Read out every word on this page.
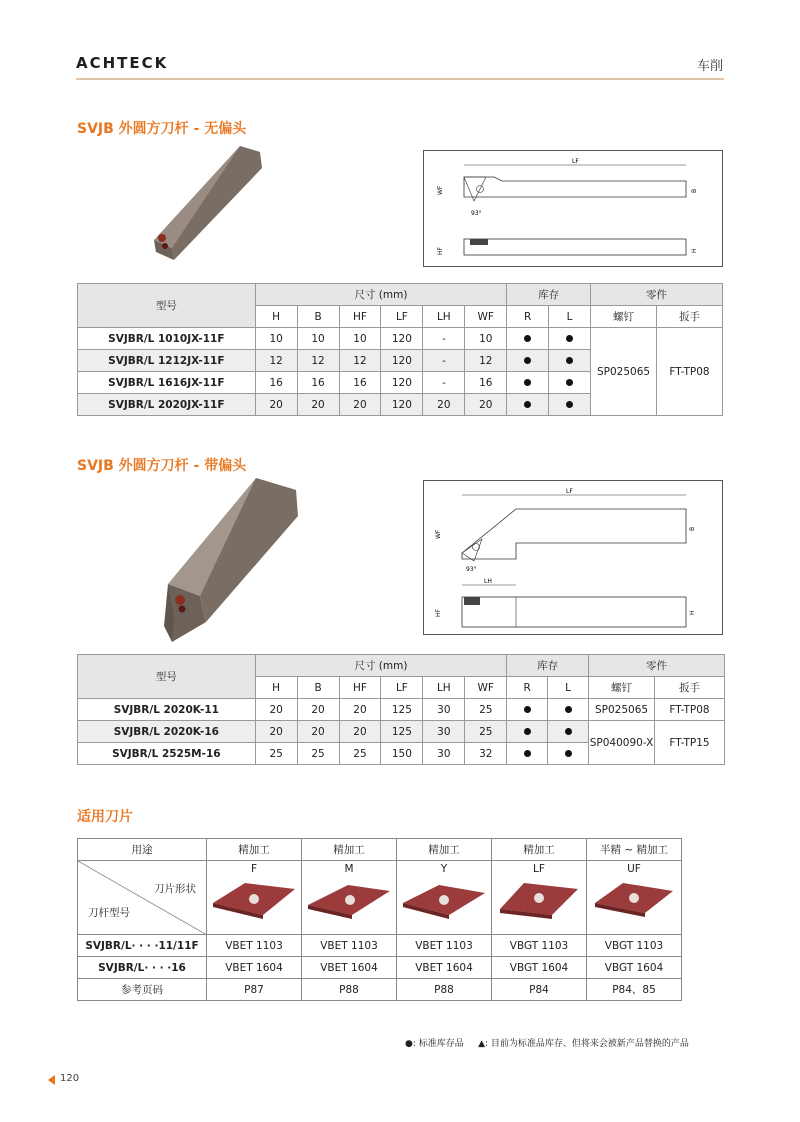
ACHTECK	车削
SVJB 外圆方刀杆 - 无偏头
LF
WF	B
93°
HF	H
型号	尺寸 (mm)						库存		零件	
	H	B	HF	LF	LH	WF	R	L	螺钉	扳手
SVJBR/L 1010JX-11F	10	10	10	120	-	10			SP025065	FT-TP08
SVJBR/L 1212JX-11F	12	12	12	120	-	12				
SVJBR/L 1616JX-11F	16	16	16	120	-	16				
SVJBR/L 2020JX-11F	20	20	20	120	20	20				
SVJB 外圆方刀杆 - 带偏头
LF
WF
B
93°
LH
HF	H
型号	尺寸 (mm)						库存		零件	
	H	B	HF	LF	LH	WF	R	L	螺钉	扳手
SVJBR/L 2020K-11	20	20	20	125	30	25			SP025065	FT-TP08
SVJBR/L 2020K-16	20	20	20	125	30	25			SP040090-X	FT-TP15
SVJBR/L 2525M-16	25	25	25	150	30	32				
适用刀片
用途	精加工	精加工	精加工	精加工	半精 ~ 精加工

刀片形状
刀杆型号	F	M	Y	LF	UF

SVJBR/L· · · ·11/11F	VBET 1103	VBET 1103	VBET 1103	VBGT 1103	VBGT 1103
SVJBR/L· · · ·16	VBET 1604	VBET 1604	VBET 1604	VBGT 1604	VBGT 1604
参考页码	P87	P88	P88	P84	P84、85
●: 标准库存品 ▲: 目前为标准品库存、但将来会被新产品替换的产品
120
